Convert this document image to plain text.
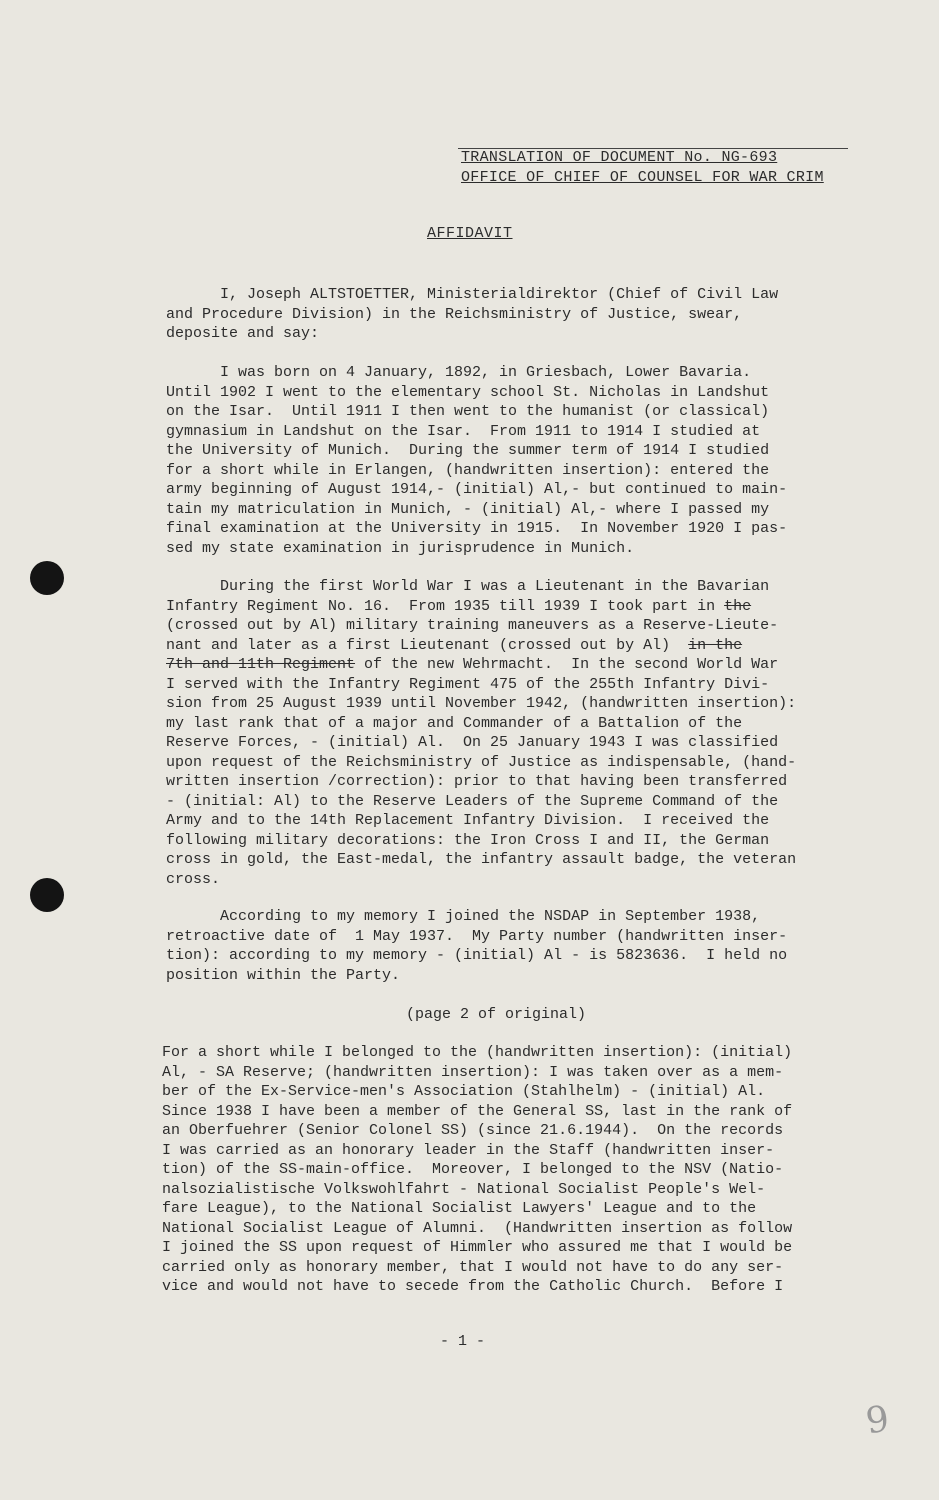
TRANSLATION OF DOCUMENT No. NG-693
OFFICE OF CHIEF OF COUNSEL FOR WAR CRIM
AFFIDAVIT
I, Joseph ALTSTOETTER, Ministerialdirektor (Chief of Civil Law
and Procedure Division) in the Reichsministry of Justice, swear,
deposite and say:
I was born on 4 January, 1892, in Griesbach, Lower Bavaria.
Until 1902 I went to the elementary school St. Nicholas in Landshut
on the Isar.  Until 1911 I then went to the humanist (or classical)
gymnasium in Landshut on the Isar.  From 1911 to 1914 I studied at
the University of Munich.  During the summer term of 1914 I studied
for a short while in Erlangen, (handwritten insertion): entered the
army beginning of August 1914,- (initial) Al,- but continued to main-
tain my matriculation in Munich, - (initial) Al,- where I passed my
final examination at the University in 1915.  In November 1920 I pas-
sed my state examination in jurisprudence in Munich.
During the first World War I was a Lieutenant in the Bavarian
Infantry Regiment No. 16.  From 1935 till 1939 I took part in the
(crossed out by Al) military training maneuvers as a Reserve-Lieute-
nant and later as a first Lieutenant (crossed out by Al)  in the
7th and 11th Regiment of the new Wehrmacht.  In the second World War
I served with the Infantry Regiment 475 of the 255th Infantry Divi-
sion from 25 August 1939 until November 1942, (handwritten insertion):
my last rank that of a major and Commander of a Battalion of the
Reserve Forces, - (initial) Al.  On 25 January 1943 I was classified
upon request of the Reichsministry of Justice as indispensable, (hand-
written insertion /correction): prior to that having been transferred
- (initial: Al) to the Reserve Leaders of the Supreme Command of the
Army and to the 14th Replacement Infantry Division.  I received the
following military decorations: the Iron Cross I and II, the German
cross in gold, the East-medal, the infantry assault badge, the veteran
cross.
According to my memory I joined the NSDAP in September 1938,
retroactive date of  1 May 1937.  My Party number (handwritten inser-
tion): according to my memory - (initial) Al - is 5823636.  I held no
position within the Party.
(page 2 of original)
For a short while I belonged to the (handwritten insertion): (initial)
Al, - SA Reserve; (handwritten insertion): I was taken over as a mem-
ber of the Ex-Service-men's Association (Stahlhelm) - (initial) Al.
Since 1938 I have been a member of the General SS, last in the rank of
an Oberfuehrer (Senior Colonel SS) (since 21.6.1944).  On the records
I was carried as an honorary leader in the Staff (handwritten inser-
tion) of the SS-main-office.  Moreover, I belonged to the NSV (Natio-
nalsozialistische Volkswohlfahrt - National Socialist People's Wel-
fare League), to the National Socialist Lawyers' League and to the
National Socialist League of Alumni.  (Handwritten insertion as follow
I joined the SS upon request of Himmler who assured me that I would be
carried only as honorary member, that I would not have to do any ser-
vice and would not have to secede from the Catholic Church.  Before I
- 1 -
9
